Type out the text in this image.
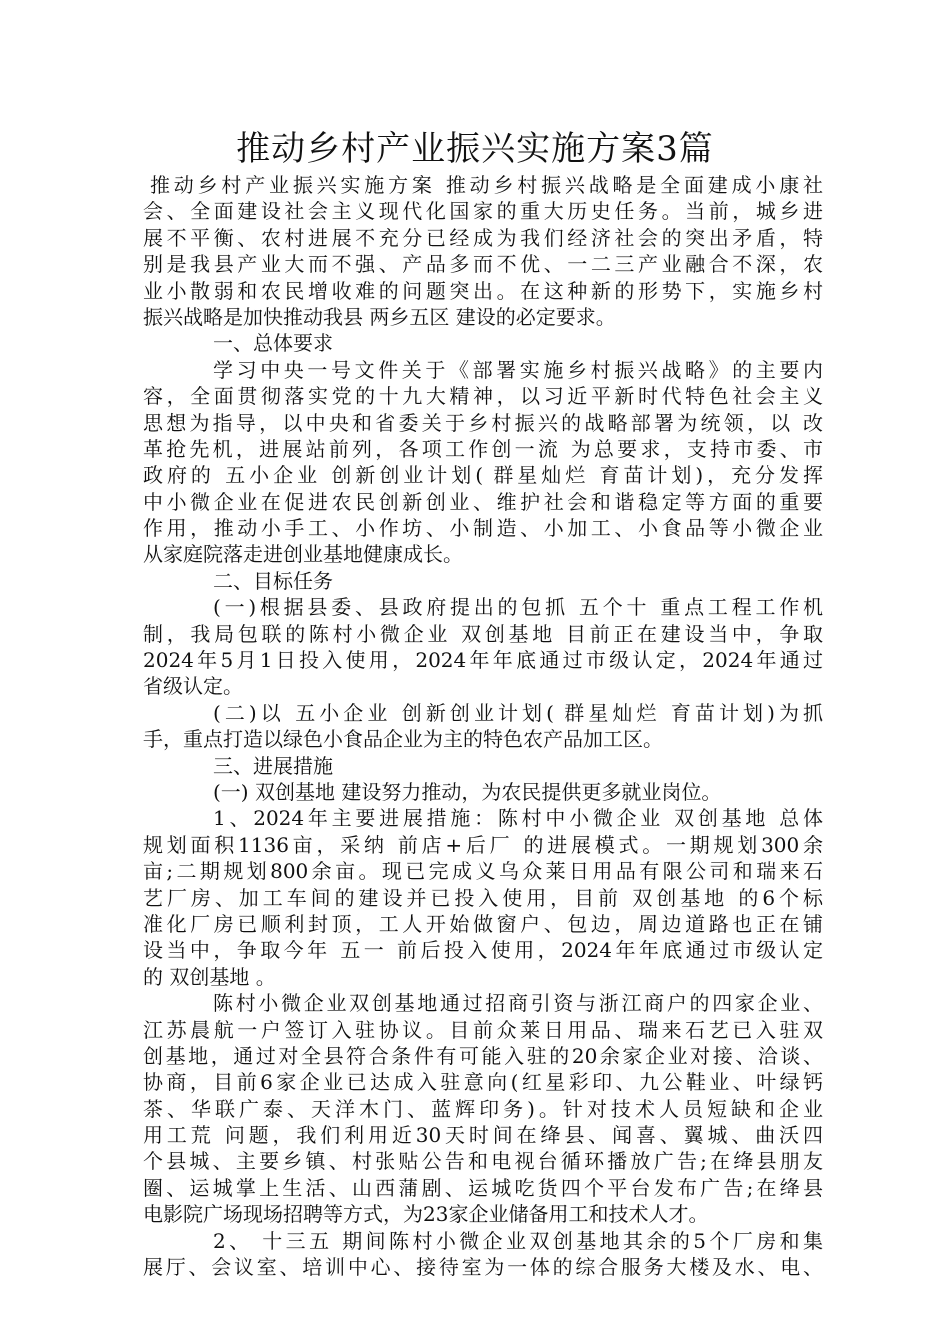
推动乡村产业振兴实施方案3篇
推动乡村产业振兴实施方案 推动乡村振兴战略是全面建成小康社
会、全面建设社会主义现代化国家的重大历史任务。当前，城乡进
展不平衡、农村进展不充分已经成为我们经济社会的突出矛盾，特
别是我县产业大而不强、产品多而不优、一二三产业融合不深，农
业小散弱和农民增收难的问题突出。在这种新的形势下，实施乡村
振兴战略是加快推动我县 两乡五区 建设的必定要求。
一、总体要求
学习中央一号文件关于《部署实施乡村振兴战略》的主要内
容，全面贯彻落实党的十九大精神，以习近平新时代特色社会主义
思想为指导，以中央和省委关于乡村振兴的战略部署为统领，以 改
革抢先机，进展站前列，各项工作创一流 为总要求，支持市委、市
政府的 五小企业 创新创业计划( 群星灿烂 育苗计划)，充分发挥
中小微企业在促进农民创新创业、维护社会和谐稳定等方面的重要
作用，推动小手工、小作坊、小制造、小加工、小食品等小微企业
从家庭院落走进创业基地健康成长。
二、目标任务
(一)根据县委、县政府提出的包抓 五个十 重点工程工作机
制，我局包联的陈村小微企业 双创基地 目前正在建设当中，争取
2024年5月1日投入使用，2024年年底通过市级认定，2024年通过
省级认定。
(二)以 五小企业 创新创业计划( 群星灿烂 育苗计划)为抓
手，重点打造以绿色小食品企业为主的特色农产品加工区。
三、进展措施
(一) 双创基地 建设努力推动，为农民提供更多就业岗位。
1、2024年主要进展措施：陈村中小微企业 双创基地 总体
规划面积1136亩，采纳 前店+后厂 的进展模式。一期规划300余
亩;二期规划800余亩。现已完成义乌众莱日用品有限公司和瑞来石
艺厂房、加工车间的建设并已投入使用，目前 双创基地 的6个标
准化厂房已顺利封顶，工人开始做窗户、包边，周边道路也正在铺
设当中，争取今年 五一 前后投入使用，2024年年底通过市级认定
的 双创基地 。
陈村小微企业双创基地通过招商引资与浙江商户的四家企业、
江苏晨航一户签订入驻协议。目前众莱日用品、瑞来石艺已入驻双
创基地，通过对全县符合条件有可能入驻的20余家企业对接、洽谈、
协商，目前6家企业已达成入驻意向(红星彩印、九公鞋业、叶绿钙
茶、华联广泰、天洋木门、蓝辉印务)。针对技术人员短缺和企业
用工荒 问题，我们利用近30天时间在绛县、闻喜、翼城、曲沃四
个县城、主要乡镇、村张贴公告和电视台循环播放广告;在绛县朋友
圈、运城掌上生活、山西蒲剧、运城吃货四个平台发布广告;在绛县
电影院广场现场招聘等方式，为23家企业储备用工和技术人才。
2、 十三五 期间陈村小微企业双创基地其余的5个厂房和集
展厅、会议室、培训中心、接待室为一体的综合服务大楼及水、电、
